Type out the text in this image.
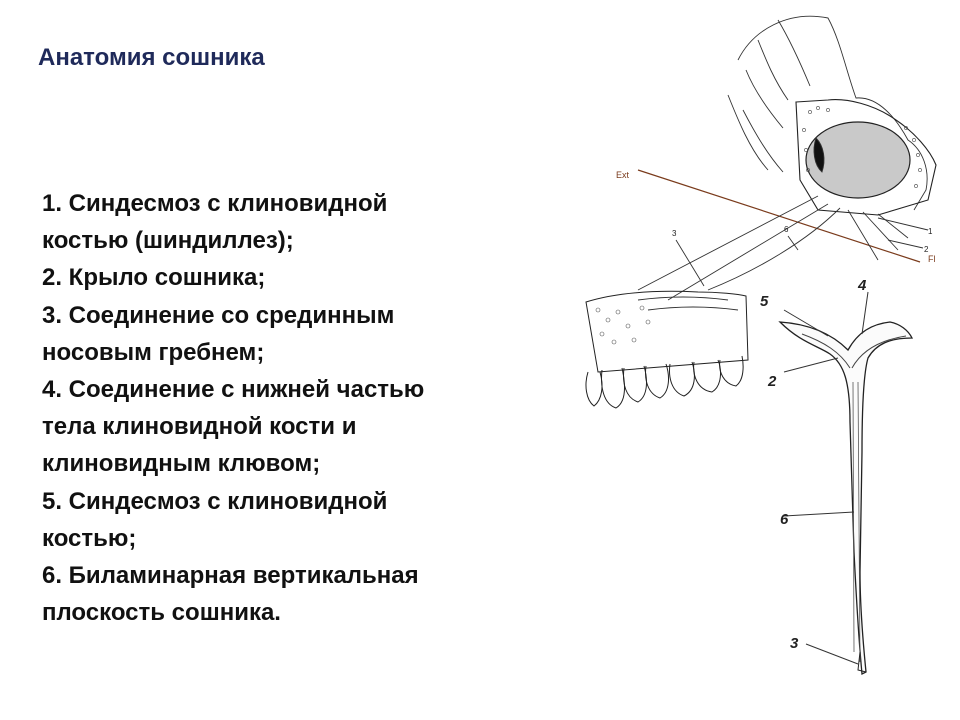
Анатомия сошника
1. Синдесмоз с клиновидной
костью (шиндиллез);
2. Крыло сошника;
3. Соединение со срединным
носовым гребнем;
4. Соединение с нижней частью
тела клиновидной кости и
клиновидным клювом;
5. Синдесмоз с клиновидной
костью;
6. Биламинарная вертикальная
плоскость сошника.
Ext
Fl
1
2
3	6
5
4
2
6
3
